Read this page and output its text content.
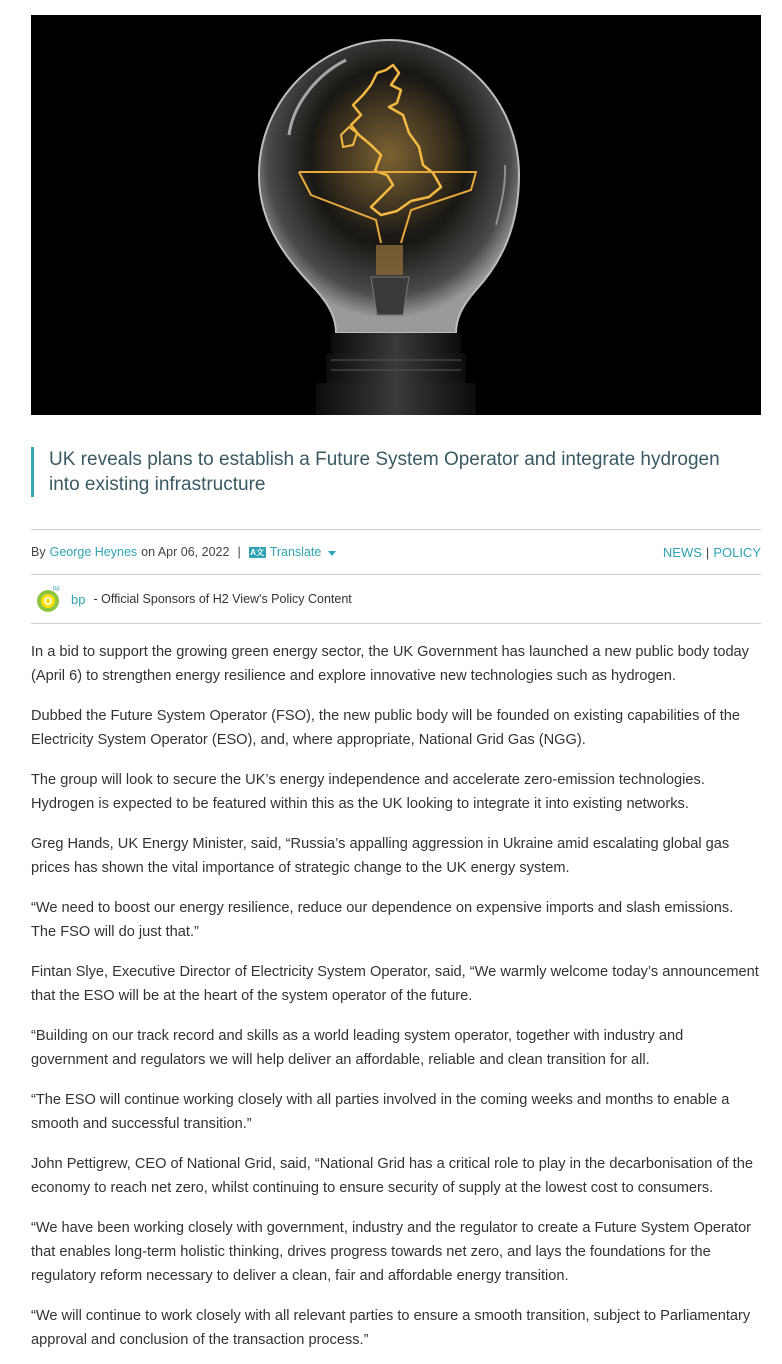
UK reveals plans to establish a Future System Operator and integrate hydrogen into existing infrastructure
By George Heynes on Apr 06, 2022 | A文 Translate	NEWS | POLICY
bp
bp - Official Sponsors of H2 View's Policy Content

In a bid to support the growing green energy sector, the UK Government has launched a new public body today (April 6) to strengthen energy resilience and explore innovative new technologies such as hydrogen.

Dubbed the Future System Operator (FSO), the new public body will be founded on existing capabilities of the Electricity System Operator (ESO), and, where appropriate, National Grid Gas (NGG).

The group will look to secure the UK’s energy independence and accelerate zero-emission technologies. Hydrogen is expected to be featured within this as the UK looking to integrate it into existing networks.

Greg Hands, UK Energy Minister, said, “Russia’s appalling aggression in Ukraine amid escalating global gas prices has shown the vital importance of strategic change to the UK energy system.

“We need to boost our energy resilience, reduce our dependence on expensive imports and slash emissions. The FSO will do just that.”

Fintan Slye, Executive Director of Electricity System Operator, said, “We warmly welcome today’s announcement that the ESO will be at the heart of the system operator of the future.

“Building on our track record and skills as a world leading system operator, together with industry and government and regulators we will help deliver an affordable, reliable and clean transition for all.

“The ESO will continue working closely with all parties involved in the coming weeks and months to enable a smooth and successful transition.”

John Pettigrew, CEO of National Grid, said, “National Grid has a critical role to play in the decarbonisation of the economy to reach net zero, whilst continuing to ensure security of supply at the lowest cost to consumers.

“We have been working closely with government, industry and the regulator to create a Future System Operator that enables long-term holistic thinking, drives progress towards net zero, and lays the foundations for the regulatory reform necessary to deliver a clean, fair and affordable energy transition.

“We will continue to work closely with all relevant parties to ensure a smooth transition, subject to Parliamentary approval and conclusion of the transaction process.”
